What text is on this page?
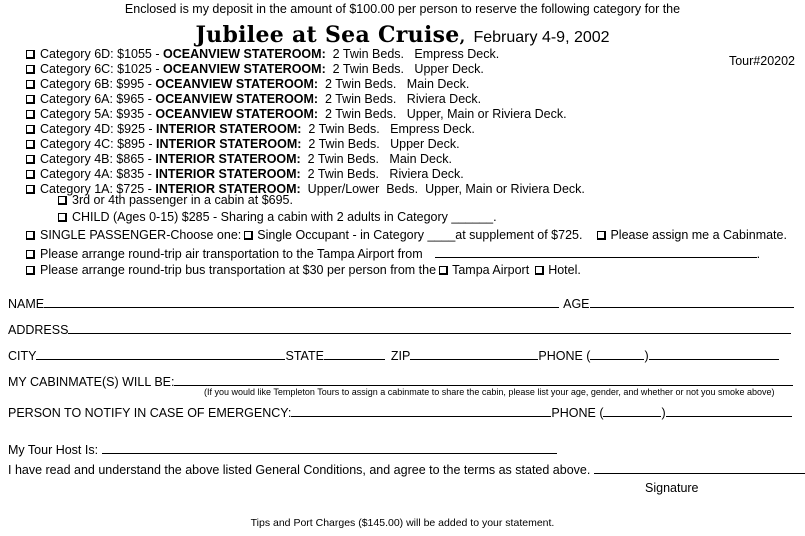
Enclosed is my deposit in the amount of $100.00 per person to reserve the following category for the
Jubilee at Sea Cruise, February 4-9, 2002
Tour#20202
Category 6D: $1055 - OCEANVIEW STATEROOM:  2 Twin Beds.   Empress Deck.
Category 6C: $1025 - OCEANVIEW STATEROOM:  2 Twin Beds.   Upper Deck.
Category 6B: $995 - OCEANVIEW STATEROOM:  2 Twin Beds.   Main Deck.
Category 6A: $965 - OCEANVIEW STATEROOM:  2 Twin Beds.   Riviera Deck.
Category 5A: $935 - OCEANVIEW STATEROOM:  2 Twin Beds.   Upper, Main or Riviera Deck.
Category 4D: $925 - INTERIOR STATEROOM:  2 Twin Beds.   Empress Deck.
Category 4C: $895 - INTERIOR STATEROOM:  2 Twin Beds.   Upper Deck.
Category 4B: $865 - INTERIOR STATEROOM:  2 Twin Beds.   Main Deck.
Category 4A: $835 - INTERIOR STATEROOM:  2 Twin Beds.   Riviera Deck.
Category 1A: $725 - INTERIOR STATEROOM:  Upper/Lower  Beds.  Upper, Main or Riviera Deck.
3rd or 4th passenger in a cabin at $695.
CHILD (Ages 0-15) $285 - Sharing a cabin with 2 adults in Category ______.
SINGLE PASSENGER-Choose one: Single Occupant - in Category ____at supplement of $725. Please assign me a Cabinmate.
Please arrange round-trip air transportation to the Tampa Airport from	.
Please arrange round-trip bus transportation at $30 per person from the Tampa Airport Hotel.
NAME	AGE
ADDRESS
CITY	STATE	ZIP	PHONE (	)
MY CABINMATE(S) WILL BE:
(If you would like Templeton Tours to assign a cabinmate to share the cabin, please list your age, gender, and whether or not you smoke above)
PERSON TO NOTIFY IN CASE OF EMERGENCY:	PHONE (	)
My Tour Host Is:
I have read and understand the above listed General Conditions, and agree to the terms as stated above.
Signature
Tips and Port Charges ($145.00) will be added to your statement.
